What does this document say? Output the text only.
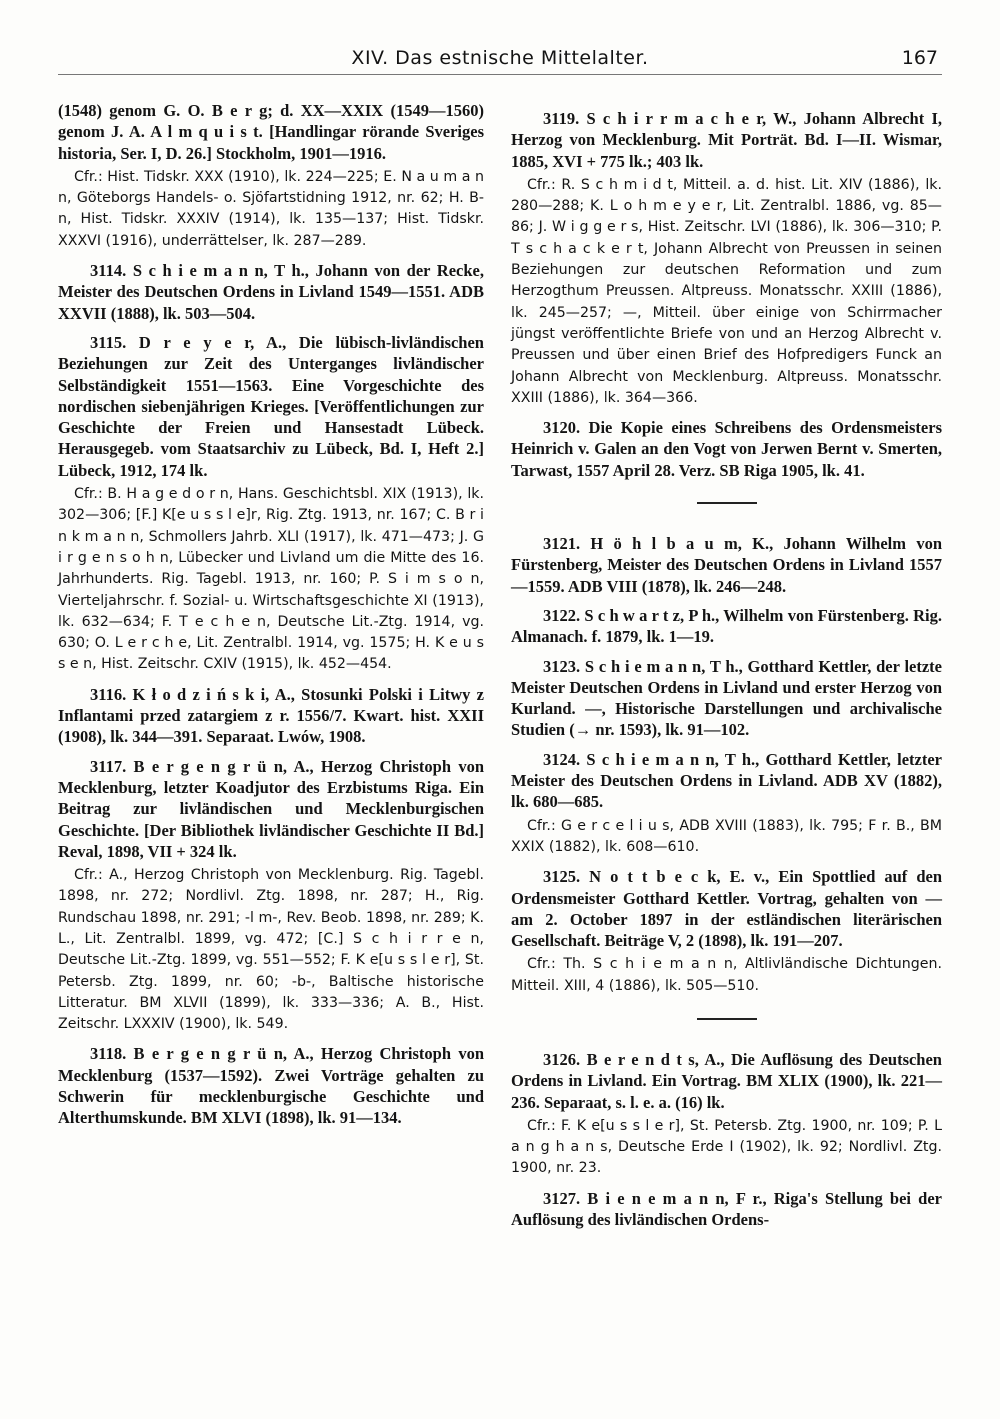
XIV. Das estnische Mittelalter.	167

(1548) genom G. O. B e r g; d. XX—XXIX (1549—1560) genom J. A. A l m q u i s t. [Handlingar rörande Sveriges historia, Ser. I, D. 26.] Stockholm, 1901—1916.

Cfr.: Hist. Tidskr. XXX (1910), lk. 224—225; E. N a u m a n n, Göteborgs Handels- o. Sjöfartstidning 1912, nr. 62; H. B-n, Hist. Tidskr. XXXIV (1914), lk. 135—137; Hist. Tidskr. XXXVI (1916), underrättelser, lk. 287—289.

3114. S c h i e m a n n, T h., Johann von der Recke, Meister des Deutschen Ordens in Livland 1549—1551. ADB XXVII (1888), lk. 503—504.

3115. D r e y e r, A., Die lübisch-livländischen Beziehungen zur Zeit des Unterganges livländischer Selbständigkeit 1551—1563. Eine Vorgeschichte des nordischen siebenjährigen Krieges. [Veröffentlichungen zur Geschichte der Freien und Hansestadt Lübeck. Herausgegeb. vom Staatsarchiv zu Lübeck, Bd. I, Heft 2.] Lübeck, 1912, 174 lk.

Cfr.: B. H a g e d o r n, Hans. Geschichtsbl. XIX (1913), lk. 302—306; [F.] K[e u s s l e]r, Rig. Ztg. 1913, nr. 167; C. B r i n k m a n n, Schmollers Jahrb. XLI (1917), lk. 471—473; J. G i r g e n s o h n, Lübecker und Livland um die Mitte des 16. Jahrhunderts. Rig. Tagebl. 1913, nr. 160; P. S i m s o n, Vierteljahrschr. f. Sozial- u. Wirtschaftsgeschichte XI (1913), lk. 632—634; F. T e c h e n, Deutsche Lit.-Ztg. 1914, vg. 630; O. L e r c h e, Lit. Zentralbl. 1914, vg. 1575; H. K e u s s e n, Hist. Zeitschr. CXIV (1915), lk. 452—454.

3116. K ł o d z i ń s k i, A., Stosunki Polski i Litwy z Inflantami przed zatargiem z r. 1556/7. Kwart. hist. XXII (1908), lk. 344—391. Separaat. Lwów, 1908.

3117. B e r g e n g r ü n, A., Herzog Christoph von Mecklenburg, letzter Koadjutor des Erzbistums Riga. Ein Beitrag zur livländischen und Mecklenburgischen Geschichte. [Der Bibliothek livländischer Geschichte II Bd.] Reval, 1898, VII + 324 lk.

Cfr.: A., Herzog Christoph von Mecklenburg. Rig. Tagebl. 1898, nr. 272; Nordlivl. Ztg. 1898, nr. 287; H., Rig. Rundschau 1898, nr. 291; -l m-, Rev. Beob. 1898, nr. 289; K. L., Lit. Zentralbl. 1899, vg. 472; [C.] S c h i r r e n, Deutsche Lit.-Ztg. 1899, vg. 551—552; F. K e[u s s l e r], St. Petersb. Ztg. 1899, nr. 60; -b-, Baltische historische Litteratur. BM XLVII (1899), lk. 333—336; A. B., Hist. Zeitschr. LXXXIV (1900), lk. 549.

3118. B e r g e n g r ü n, A., Herzog Christoph von Mecklenburg (1537—1592). Zwei Vorträge gehalten zu Schwerin für mecklenburgische Geschichte und Alterthumskunde. BM XLVI (1898), lk. 91—134.

3119. S c h i r r m a c h e r, W., Johann Albrecht I, Herzog von Mecklenburg. Mit Porträt. Bd. I—II. Wismar, 1885, XVI + 775 lk.; 403 lk.

Cfr.: R. S c h m i d t, Mitteil. a. d. hist. Lit. XIV (1886), lk. 280—288; K. L o h m e y e r, Lit. Zentralbl. 1886, vg. 85—86; J. W i g g e r s, Hist. Zeitschr. LVI (1886), lk. 306—310; P. T s c h a c k e r t, Johann Albrecht von Preussen in seinen Beziehungen zur deutschen Reformation und zum Herzogthum Preussen. Altpreuss. Monatsschr. XXIII (1886), lk. 245—257; —, Mitteil. über einige von Schirrmacher jüngst veröffentlichte Briefe von und an Herzog Albrecht v. Preussen und über einen Brief des Hofpredigers Funck an Johann Albrecht von Mecklenburg. Altpreuss. Monatsschr. XXIII (1886), lk. 364—366.

3120. Die Kopie eines Schreibens des Ordensmeisters Heinrich v. Galen an den Vogt von Jerwen Bernt v. Smerten, Tarwast, 1557 April 28. Verz. SB Riga 1905, lk. 41.

3121. H ö h l b a u m, K., Johann Wilhelm von Fürstenberg, Meister des Deutschen Ordens in Livland 1557—1559. ADB VIII (1878), lk. 246—248.

3122. S c h w a r t z, P h., Wilhelm von Fürstenberg. Rig. Almanach. f. 1879, lk. 1—19.

3123. S c h i e m a n n, T h., Gotthard Kettler, der letzte Meister Deutschen Ordens in Livland und erster Herzog von Kurland. —, Historische Darstellungen und archivalische Studien (→ nr. 1593), lk. 91—102.

3124. S c h i e m a n n, T h., Gotthard Kettler, letzter Meister des Deutschen Ordens in Livland. ADB XV (1882), lk. 680—685.

Cfr.: G e r c e l i u s, ADB XVIII (1883), lk. 795; F r. B., BM XXIX (1882), lk. 608—610.

3125. N o t t b e c k, E. v., Ein Spottlied auf den Ordensmeister Gotthard Kettler. Vortrag, gehalten von — am 2. October 1897 in der estländischen literärischen Gesellschaft. Beiträge V, 2 (1898), lk. 191—207.

Cfr.: Th. S c h i e m a n n, Altlivländische Dichtungen. Mitteil. XIII, 4 (1886), lk. 505—510.

3126. B e r e n d t s, A., Die Auflösung des Deutschen Ordens in Livland. Ein Vortrag. BM XLIX (1900), lk. 221—236. Separaat, s. l. e. a. (16) lk.

Cfr.: F. K e[u s s l e r], St. Petersb. Ztg. 1900, nr. 109; P. L a n g h a n s, Deutsche Erde I (1902), lk. 92; Nordlivl. Ztg. 1900, nr. 23.

3127. B i e n e m a n n, F r., Riga's Stellung bei der Auflösung des livländischen Ordens-
